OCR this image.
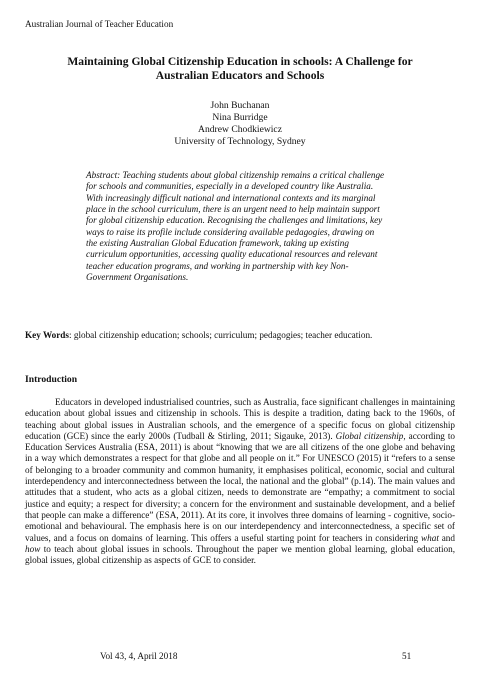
Australian Journal of Teacher Education
Maintaining Global Citizenship Education in schools: A Challenge for Australian Educators and Schools
John Buchanan
Nina Burridge
Andrew Chodkiewicz
University of Technology, Sydney
Abstract: Teaching students about global citizenship remains a critical challenge for schools and communities, especially in a developed country like Australia. With increasingly difficult national and international contexts and its marginal place in the school curriculum, there is an urgent need to help maintain support for global citizenship education. Recognising the challenges and limitations, key ways to raise its profile include considering available pedagogies, drawing on the existing Australian Global Education framework, taking up existing curriculum opportunities, accessing quality educational resources and relevant teacher education programs, and working in partnership with key Non-Government Organisations.
Key Words: global citizenship education; schools; curriculum; pedagogies; teacher education.
Introduction

Educators in developed industrialised countries, such as Australia, face significant challenges in maintaining education about global issues and citizenship in schools. This is despite a tradition, dating back to the 1960s, of teaching about global issues in Australian schools, and the emergence of a specific focus on global citizenship education (GCE) since the early 2000s (Tudball & Stirling, 2011; Sigauke, 2013). Global citizenship, according to Education Services Australia (ESA, 2011) is about “knowing that we are all citizens of the one globe and behaving in a way which demonstrates a respect for that globe and all people on it.” For UNESCO (2015) it “refers to a sense of belonging to a broader community and common humanity, it emphasises political, economic, social and cultural interdependency and interconnectedness between the local, the national and the global” (p.14). The main values and attitudes that a student, who acts as a global citizen, needs to demonstrate are “empathy; a commitment to social justice and equity; a respect for diversity; a concern for the environment and sustainable development, and a belief that people can make a difference” (ESA, 2011). At its core, it involves three domains of learning - cognitive, socio-emotional and behavioural. The emphasis here is on our interdependency and interconnectedness, a specific set of values, and a focus on domains of learning. This offers a useful starting point for teachers in considering what and how to teach about global issues in schools. Throughout the paper we mention global learning, global education, global issues, global citizenship as aspects of GCE to consider.

Vol 43, 4, April 2018	51
